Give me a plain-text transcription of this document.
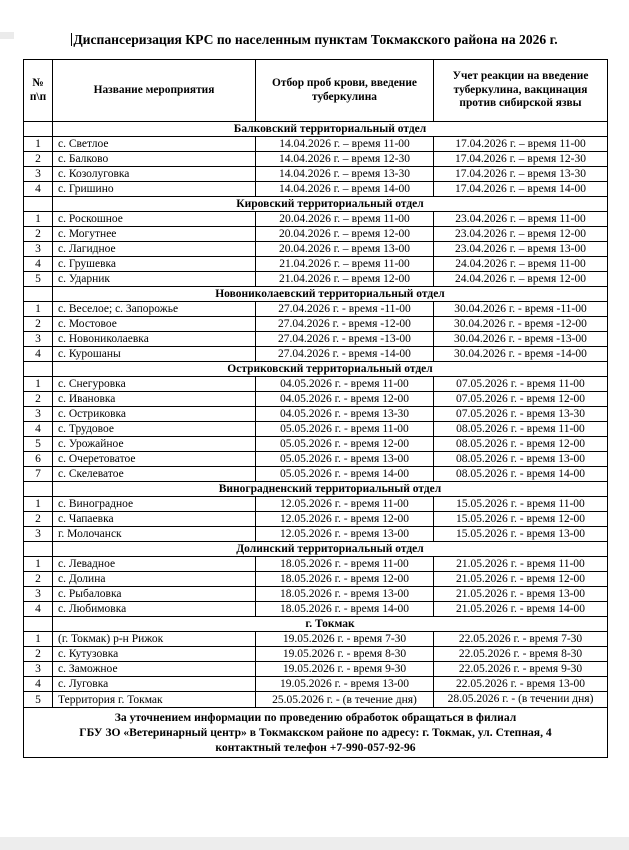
Диспансеризация КРС по населенным пунктам Токмакского района на 2026 г.
№ п\п	Название мероприятия	Отбор проб крови, введение туберкулина	Учет реакции на введение туберкулина, вакцинация против сибирской язвы
	Балковский территориальный отдел		
1	с. Светлое	14.04.2026 г. – время 11-00	17.04.2026 г. – время 11-00
2	с. Балково	14.04.2026 г. – время 12-30	17.04.2026 г. – время 12-30
3	с. Козолуговка	14.04.2026 г. – время 13-30	17.04.2026 г. – время 13-30
4	с. Гришино	14.04.2026 г. – время 14-00	17.04.2026 г. – время 14-00
	Кировский территориальный отдел		
1	с. Роскошное	20.04.2026 г. – время 11-00	23.04.2026 г. – время 11-00
2	с. Могутнее	20.04.2026 г. – время 12-00	23.04.2026 г. – время 12-00
3	с. Лагидное	20.04.2026 г. – время 13-00	23.04.2026 г. – время 13-00
4	с. Грушевка	21.04.2026 г. – время 11-00	24.04.2026 г. – время 11-00
5	с. Ударник	21.04.2026 г. – время 12-00	24.04.2026 г. – время 12-00
	Новониколаевский территориальный отдел		
1	с. Веселое; с. Запорожье	27.04.2026 г. - время -11-00	30.04.2026 г. - время -11-00
2	с. Мостовое	27.04.2026 г. - время -12-00	30.04.2026 г. - время -12-00
3	с. Новониколаевка	27.04.2026 г. - время -13-00	30.04.2026 г. - время -13-00
4	с. Курошаны	27.04.2026 г. - время -14-00	30.04.2026 г. - время -14-00
	Остриковский территориальный отдел		
1	с. Снегуровка	04.05.2026 г. - время 11-00	07.05.2026 г. - время 11-00
2	с. Ивановка	04.05.2026 г. - время 12-00	07.05.2026 г. - время 12-00
3	с. Остриковка	04.05.2026 г. - время 13-30	07.05.2026 г. - время 13-30
4	с. Трудовое	05.05.2026 г. - время 11-00	08.05.2026 г. - время 11-00
5	с. Урожайное	05.05.2026 г. - время 12-00	08.05.2026 г. - время 12-00
6	с. Очеретоватое	05.05.2026 г. - время 13-00	08.05.2026 г. - время 13-00
7	с. Скелеватое	05.05.2026 г. - время 14-00	08.05.2026 г. - время 14-00
	Виноградненский территориальный отдел		
1	с. Виноградное	12.05.2026 г. - время 11-00	15.05.2026 г. - время 11-00
2	с. Чапаевка	12.05.2026 г. - время 12-00	15.05.2026 г. - время 12-00
3	г. Молочанск	12.05.2026 г. - время 13-00	15.05.2026 г. - время 13-00
	Долинский территориальный отдел		
1	с. Левадное	18.05.2026 г. - время 11-00	21.05.2026 г. - время 11-00
2	с. Долина	18.05.2026 г. - время 12-00	21.05.2026 г. - время 12-00
3	с. Рыбаловка	18.05.2026 г. - время 13-00	21.05.2026 г. - время 13-00
4	с. Любимовка	18.05.2026 г. - время 14-00	21.05.2026 г. - время 14-00
	г. Токмак		
1	(г. Токмак) р-н Рижок	19.05.2026 г. - время 7-30	22.05.2026 г. - время 7-30
2	с. Кутузовка	19.05.2026 г. - время 8-30	22.05.2026 г. - время 8-30
3	с. Заможное	19.05.2026 г. - время 9-30	22.05.2026 г. - время 9-30
4	с. Луговка	19.05.2026 г. - время 13-00	22.05.2026 г. - время 13-00
5	Территория г. Токмак	25.05.2026 г. - (в течение дня)	28.05.2026 г. - (в течении дня)

За уточнением информации по проведению обработок обращаться в филиал
ГБУ ЗО «Ветеринарный центр» в Токмакском районе по адресу: г. Токмак, ул. Степная, 4
контактный телефон +7-990-057-92-96			
